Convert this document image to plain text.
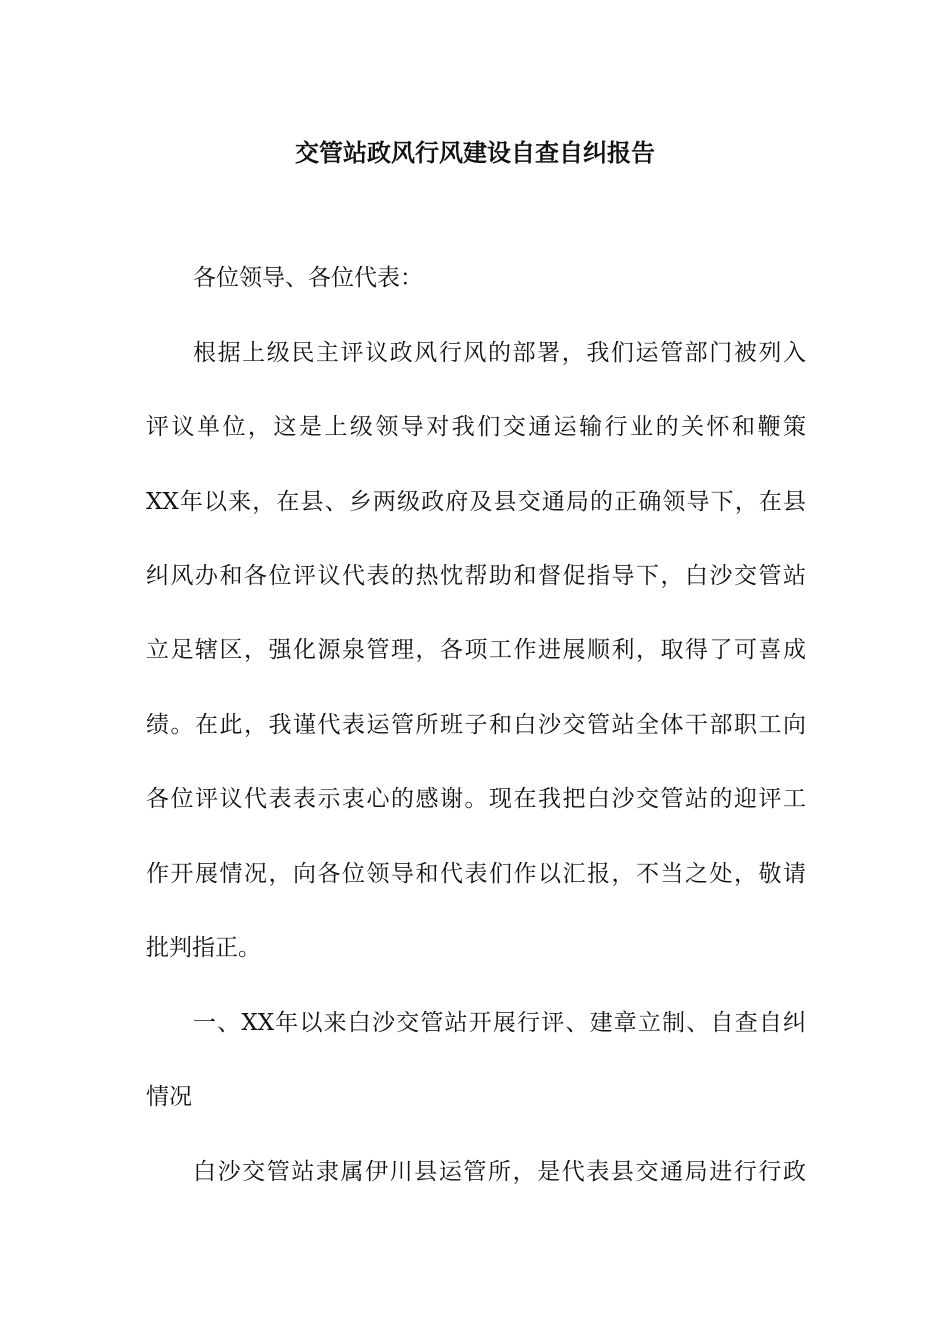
交管站政风行风建设自查自纠报告
各位领导、各位代表：
根据上级民主评议政风行风的部署，我们运管部门被列入
评议单位，这是上级领导对我们交通运输行业的关怀和鞭策
XX年以来，在县、乡两级政府及县交通局的正确领导下，在县
纠风办和各位评议代表的热忱帮助和督促指导下，白沙交管站
立足辖区，强化源泉管理，各项工作进展顺利，取得了可喜成
绩。在此，我谨代表运管所班子和白沙交管站全体干部职工向
各位评议代表表示衷心的感谢。现在我把白沙交管站的迎评工
作开展情况，向各位领导和代表们作以汇报，不当之处，敬请
批判指正。
一、XX年以来白沙交管站开展行评、建章立制、自查自纠
情况
白沙交管站隶属伊川县运管所，是代表县交通局进行行政
